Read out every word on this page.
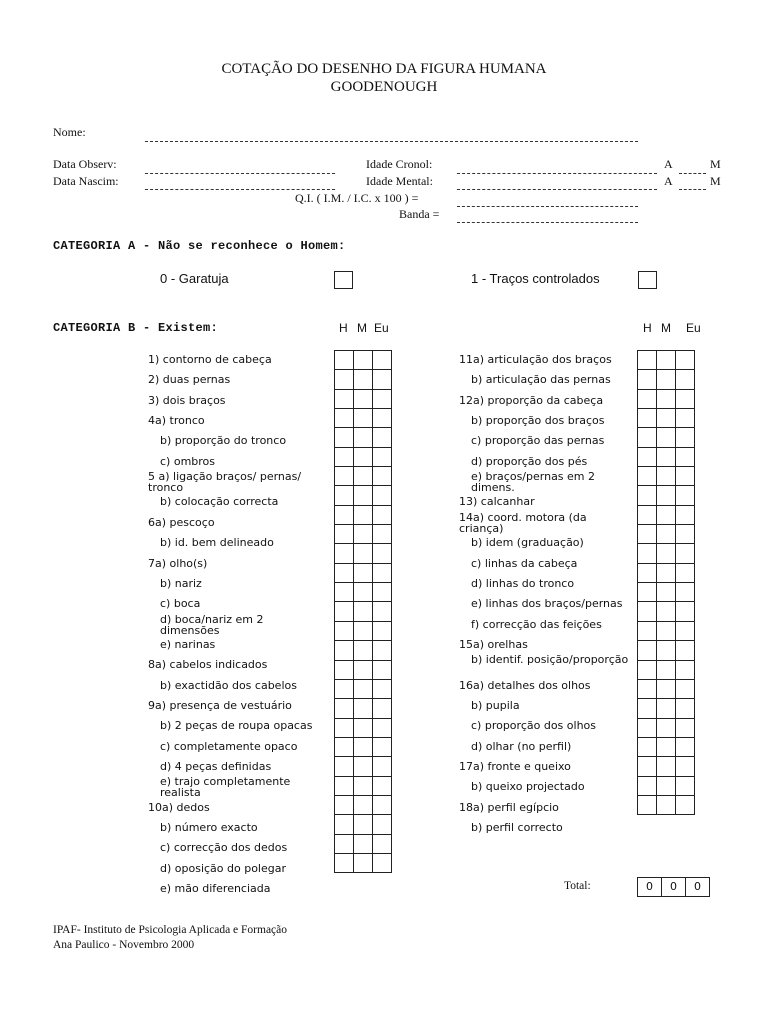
COTAÇÃO DO DESENHO DA FIGURA HUMANA
GOODENOUGH
Nome:
Data Observ:
Data Nascim:
Idade Cronol:	A	M
Idade Mental:	A	M
Q.I. ( I.M. / I.C. x 100 ) =
Banda =
CATEGORIA A - Não se reconhece o Homem:
0 - Garatuja	1 - Traços controlados
CATEGORIA B - Existem:	H M Eu	H M Eu
1) contorno de cabeça
2) duas pernas
3) dois braços
4a) tronco
b) proporção do tronco
c) ombros
5 a) ligação braços/ pernas/ tronco
b) colocação correcta
6a) pescoço
b) id. bem delineado
7a) olho(s)
b) nariz
c) boca
d) boca/nariz em 2 dimensões
e) narinas
8a) cabelos indicados
b) exactidão dos cabelos
9a) presença de vestuário
b) 2 peças de roupa opacas
c) completamente opaco
d) 4 peças definidas
e) trajo completamente realista
10a) dedos
b) número exacto
c) correcção dos dedos
d) oposição do polegar
e) mão diferenciada
11a) articulação dos braços
b) articulação das pernas
12a) proporção da cabeça
b) proporção dos braços
c) proporção das pernas
d) proporção dos pés
e) braços/pernas em 2 dimens.
13) calcanhar
14a) coord. motora (da criança)
b) idem (graduação)
c) linhas da cabeça
d) linhas do tronco
e) linhas dos braços/pernas
f) correcção das feições
15a) orelhas
b) identif. posição/proporção
16a) detalhes dos olhos
b) pupila
c) proporção dos olhos
d) olhar (no perfil)
17a) fronte e queixo
b) queixo projectado
18a) perfil egípcio
b) perfil correcto
Total:	0	0	0
IPAF- Instituto de Psicologia Aplicada e Formação
Ana Paulico - Novembro 2000
